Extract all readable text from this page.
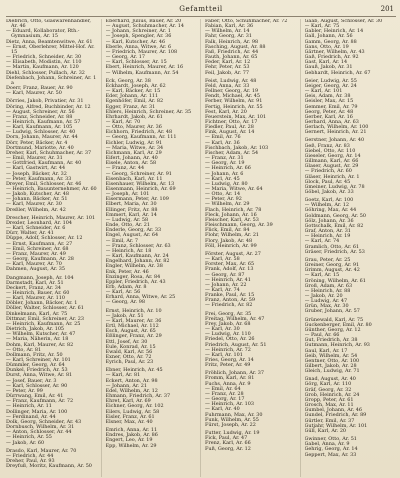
Gefamtteil	201

Diebrich, Otto, Glaswarenhändler, Ar. 46

— Eduard, Kollaborator, Rth.-Gymnasium, Ar. 15

Dietz, Anna, Beamtenwitwe, Ar. 61

— Ernst, Oberlehrer, Mittel-Hof. Ar. 15

— Friedrich, Schneider, Ar. 30

— Elisabeth, Modistin, Ar. 110

— Martin, Kaufmann, Ar. 120

Diehl, Schlosser, Pullach, Ar. 32

Diefenbach, Johann, Schreiner, Ar. 1 a

Doerr, Franz, Bauer, Ar. 90

— Karl, Maurer, Ar. 50

Dörries, Jakob, Privatier, Ar. 31

Döring, Alfred, Buchbinder, Ar. 12

— August, Schreiner, Ar. 56

— Franz, Schneider, Ar. 88

— Heinrich, Kaufmann, Ar. 57

— Karl, Kaufmann, Ar. 105

— Ludwig, Schlosser, Ar. 40

Dorn, Johann, Maurer, Ar. 44

Dörr, Peter, Bäcker, Ar. 4

Dortmund, Mariotte, Ar. 40

Dreher, Karl, Schuhmacher, Ar. 37

— Emil, Maurer, Ar. 31

— Gottfried, Kaufmann, Ar. 40

— Karl, Gastwirt, Ar. 44

— Joseph, Bäcker, Ar. 32

— Peter, Kaufmann, Ar. 33

Dreyer, Emil, Schlosser, Ar. 46

— Heinrich, Bauunternehmer, Ar. 60

— Jakob, Kutscher, Ar. 48

— Johann, Bäcker, Ar. 51

— Karl, Maurer, Ar. 30

Dreßler, Wilhelm, Ar. 42

Drescher, Heinrich, Maurer, Ar. 101

Drexler, Leonhard, Ar. 104

— Karl, Schneider, Ar. 6

Dürr, Walter, Ar. 41

Düppe, Adolf, Schlosser, Ar. 12

— Ernst, Kaufmann, Ar. 27

— Emil, Schreiner, Ar. 68

— Franz, Maurer, Ar. 49

— Georg, Kaufmann, Ar. 28

— Karl, Maurer, Ar. 70

Dahmen, August, Ar. 35

Dangmann, Joseph, Ar. 104

Darmstadt, Karl, Ar. 51

Deckert, Franz, Ar. 34

— Heinrich, Bauer, Ar. 60

— Karl, Maurer, Ar. 110

Döbler, Johann, Bäcker, Ar. 1

Döller, Walter, Schlosser, Ar. 61

Dinkelmann, Karl, Ar. 75

Dittmar, Emil, Schreiner, Ar. 23

— Heinrich, Kaufmann, Ar. 25

Dietrich, Jakob, Ar. 105

— Wilhelm, Kutscher, Ar. 47

— Maria, Näherin, Ar. 18

Dohm, Karl, Maurer, Ar. 82

— Otto, Ar. 81

Dollmann, Fritz, Ar. 50

— Karl, Schreiner, Ar. 101

Dümmler, Georg, Ar. 64

Dunkel, Friedrich, Ar. 53

Durst, Anna, Witwe, Ar. 81

— Josef, Bauer, Ar. 3

— Karl, Schlosser, Ar. 90

— Peter, Ar. 99

Dürrwang, Emil, Ar. 41

— Franz, Kaufmann, Ar. 72

— Heinrich, Ar. 11

Dollinger, Maria, Ar. 100

— Ferdinand, Ar. 44

Dolk, Georg, Schneider, Ar. 43

Dornbusch, Wilhelm, Ar. 31

— Anton, Schlosser, Ar. 44

— Heinrich, Ar. 55

— Jakob, Ar. 60

Drasdo, Karl, Maurer, Ar. 70

— Friedrich, Ar. 44

Dreher, Paul, Ar. 93

Dreyfuß, Moritz, Kaufmann, Ar. 50

Eberhard, Julius, Bauer, Ar. 20

— August, Schuhmacher, Ar. 14

— Johann, Schreiner, Ar. 1

— Joseph, Spengler, Ar. 36

— Karl, Kutscher, Ar. 46

Eberle, Anna, Witwe, Ar. 6

— Friedrich, Maurer, Ar. 108

— Georg, Ar. 17

— Karl, Schlosser, Ar. 15

Ebert, Heinrich, Maurer, Ar. 16

— Wilhelm, Kaufmann, Ar. 54

Eck, Georg, Ar. 38

Eckhardt, Joseph, Ar. 62

— Karl, Bäcker, Ar. 15

Eder, Johann, Ar. 111

Egenhöfer, Emil, Ar. 82

Egger, Franz, Ar. 31

Ehlers, Heinrich, Schreiner, Ar. 35

Ehrhardt, Jakob, Ar. 61

— Karl, Ar. 70

— Otto, Maurer, Ar. 36

Eichhorn, Friedrich, Ar. 48

— Georg, Kaufmann, Ar. 111

Eichler, Ludwig, Ar. 91

— Maria, Witwe, Ar. 34

Eichmann, Karl, Ar. 29

Eifert, Johann, Ar. 40

Eisele, Anton, Ar. 58

— Franz, Ar. 44

— Georg, Schreiner, Ar. 91

Eisenbach, Karl, Ar. 11

Eisenhauer, Wilhelm, Ar. 13

Eisenmann, Heinrich, Ar. 69

— Joseph, Ar. 101

Eisermann, Peter, Ar. 109

Elbert, Maria, Ar. 30

Ellinger, Fritz, Ar. 88

Emmert, Karl, Ar. 14

— Ludwig, Ar. 58

Ende, Otto, Ar. 21

Enderle, Georg, Ar. 33

Engel, August, Ar. 64

— Emil, Ar. 7

— Franz, Schlosser, Ar. 63

— Heinrich, Ar. 18

— Karl, Kaufmann, Ar. 24

Engelhard, Johann, Ar. 82

Engler, Wilhelm, Ar. 38

Enk, Peter, Ar. 46

Enzinger, Rosa, Ar. 84

Eppler, Friedrich, Ar. 43

Erb, Adam, Ar. 8

— Karl, Ar. 56

Erhard, Anna, Witwe, Ar. 25

— Georg, Ar. 98

Ernst, Heinrich, Ar. 10

— Jakob, Ar. 51

— Karl, Maurer, Ar. 36

Ertl, Michael, Ar. 112

Esch, August, Ar. 65

Eßlinger, Franz, Ar. 29

Ettl, Josef, Ar. 30

Eule, Konrad, Ar. 15

Ewald, Karl, Ar. 56

Exner, Otto, Ar. 72

Eyrich, Paul, Ar. 23

Ebner, Heinrich, Ar. 45

— Karl, Ar. 81

Eckert, Anton, Ar. 98

— Johann, Ar. 21

Edel, Wilhelm, Ar. 12

Ehmann, Friedrich, Ar. 37

Ehret, Karl, Ar. 69

Eichner, Georg, Ar. 102

Eilers, Ludwig, Ar. 58

Eisler, Franz, Ar. 61

Elsner, Max, Ar. 40

Emrich, Anna, Ar. 11

Endres, Jakob, Ar. 86

Engert, Leo, Ar. 19

Epp, Wilhelm, Ar. 29

Faber, Otto, Schuhmacher, Ar. 72

Fabian, Karl, Ar. 36

— Wilhelm, Ar. 14

Fahr, Georg, Ar. 31

Falk, Heinrich, Ar. 98

Fasching, August, Ar. 88

Faß, Friedrich, Ar. 44

Fauth, Johann, Ar. 65

Feder, Karl, Ar. 12

Fehr, Peter, Ar. 53

Feil, Jakob, Ar. 77

Feist, Ludwig, Ar. 48

Feld, Anna, Ar. 33

Fellner, Georg, Ar. 19

Fendt, Michael, Ar. 45

Ferber, Wilhelm, Ar. 91

Fertig, Heinrich, Ar. 55

Fest, Karl, Ar. 20

Feuerstein, Max, Ar. 101

Fichtner, Otto, Ar. 17

Fiedler, Paul, Ar. 28

Fink, August, Ar. 14

— Emil, Ar. 76

— Karl, Ar. 36

Fischbach, Jakob, Ar. 103

Fischer, Adam, Ar. 54

— Franz, Ar. 31

— Georg, Ar. 19

— Heinrich, Ar. 66

— Johann, Ar. 6

— Karl, Ar. 45

— Ludwig, Ar. 80

— Maria, Witwe, Ar. 64

— Otto, Ar. 14

— Peter, Ar. 92

— Wilhelm, Ar. 29

Flach, Heinrich, Ar. 78

Fleck, Johann, Ar. 16

Fleischer, Karl, Ar. 53

Fleischmann, Georg, Ar. 39

Flick, Emil, Ar. 84

Flohr, Wilhelm, Ar. 21

Flory, Jakob, Ar. 48

Föll, Heinrich, Ar. 99

Förster, August, Ar. 27

— Karl, Ar. 58

Forster, Max, Ar. 65

Frank, Adolf, Ar. 13

— Georg, Ar. 87

— Heinrich, Ar. 41

— Johann, Ar. 22

— Karl, Ar. 74

Franke, Paul, Ar. 15

Franz, Anton, Ar. 59

— Friedrich, Ar. 82

Frei, Georg, Ar. 35

Freitag, Wilhelm, Ar. 47

Frey, Jakob, Ar. 68

— Karl, Ar. 30

— Ludwig, Ar. 110

Friedel, Otto, Ar. 26

Friedrich, August, Ar. 51

— Heinrich, Ar. 72

— Karl, Ar. 101

Fries, Georg, Ar. 14

Fritz, Peter, Ar. 49

Fröhlich, Johann, Ar. 37

Fromm, Karl, Ar. 81

Fuchs, Anna, Ar. 9

— Emil, Ar. 64

— Franz, Ar. 28

— Georg, Ar. 17

— Heinrich, Ar. 103

— Karl, Ar. 40

Fuhrmann, Max, Ar. 30

Funk, Wilhelm, Ar. 55

Fürst, Joseph, Ar. 22

Futter, Ludwig, Ar. 19

Fick, Paul, Ar. 47

Frenz, Karl, Ar. 66

Fuß, Georg, Ar. 12

Gaab, August, Schlosser, Ar. 30

— Karl, Ar. 75

Gabler, Heinrich, Ar. 14

Gall, Johann, Ar. 56

Gamm, Georg, Ar. 88

Gans, Otto, Ar. 19

Gärtner, Wilhelm, Ar. 43

Gaß, Friedrich, Ar. 92

Gast, Karl, Ar. 14

Gauß, Jakob, Ar. 31

Gebhardt, Heinrich, Ar. 67

Geier, Ludwig, Ar. 55

Geiger, Georg, Ar. 24

— Karl, Ar. 101

Geis, Adam, Ar. 38

Geisler, Max, Ar. 15

Gemmer, Emil, Ar. 79

Georg, Peter, Ar. 48

Gerber, Karl, Ar. 16

Gerhard, Anna, Ar. 63

Gerlach, Wilhelm, Ar. 100

Gernert, Heinrich, Ar. 21

Gerstner, Johann, Ar. 40

Geß, Franz, Ar. 83

Giebel, Otto, Ar. 110

Gieseler, Georg, Ar. 14

Gillmann, Karl, Ar. 66

Glaser, August, Ar. 29

— Friedrich, Ar. 60

Gläser, Heinrich, Ar. 1

Glock, Paul, Ar. 45

Gmeiner, Ludwig, Ar. 78

Göbel, Jakob, Ar. 33

Goetz, Karl, Ar. 100

— Wilhelm, Ar. 12

Göhring, Max, Ar. 44

Goldmann, Georg, Ar. 50

Gölz, Johann, Ar. 36

Gottschalk, Emil, Ar. 82

Graf, Anton, Ar. 31

— Heinrich, Ar. 19

— Karl, Ar. 74

Gramlich, Otto, Ar. 61

Gräser, Friedrich, Ar. 53

Grau, Peter, Ar. 25

Greiner, Georg, Ar. 91

Grimm, August, Ar. 42

— Karl, Ar. 15

Gröning, Wilhelm, Ar. 61

Groß, Adam, Ar. 63

— Heinrich, Ar. 88

— Jakob, Ar. 20

— Ludwig, Ar. 47

Grün, Max, Ar. 30

Gruber, Johann, Ar. 57

Grünewald, Karl, Ar. 75

Guckenberger, Emil, Ar. 80

Günther, Georg, Ar. 12

— Paul, Ar. 66

Gut, Friedrich, Ar. 38

Gutmann, Heinrich, Ar. 93

Gaul, Karl, Ar. 17

Geib, Wilhelm, Ar. 54

Gentner, Otto, Ar. 100

Gilbert, Jakob, Ar. 28

Gleich, Ludwig, Ar. 71

Gnad, August, Ar. 40

Görg, Karl, Ar. 110

Gräf, Georg, Ar. 32

Grob, Heinrich, Ar. 24

Gropp, Peter, Ar. 61

Grosch, Max, Ar. 11

Gumbel, Johann, Ar. 46

Gundel, Friedrich, Ar. 89

Gürtler, Emil, Ar. 37

Gutjahr, Wilhelm, Ar. 101

Güll, Karl, Ar. 20

Gwinner, Otto, Ar. 51

Gabel, Anna, Ar. 9

Gehrig, Georg, Ar. 14

Geppert, Max, Ar. 33
